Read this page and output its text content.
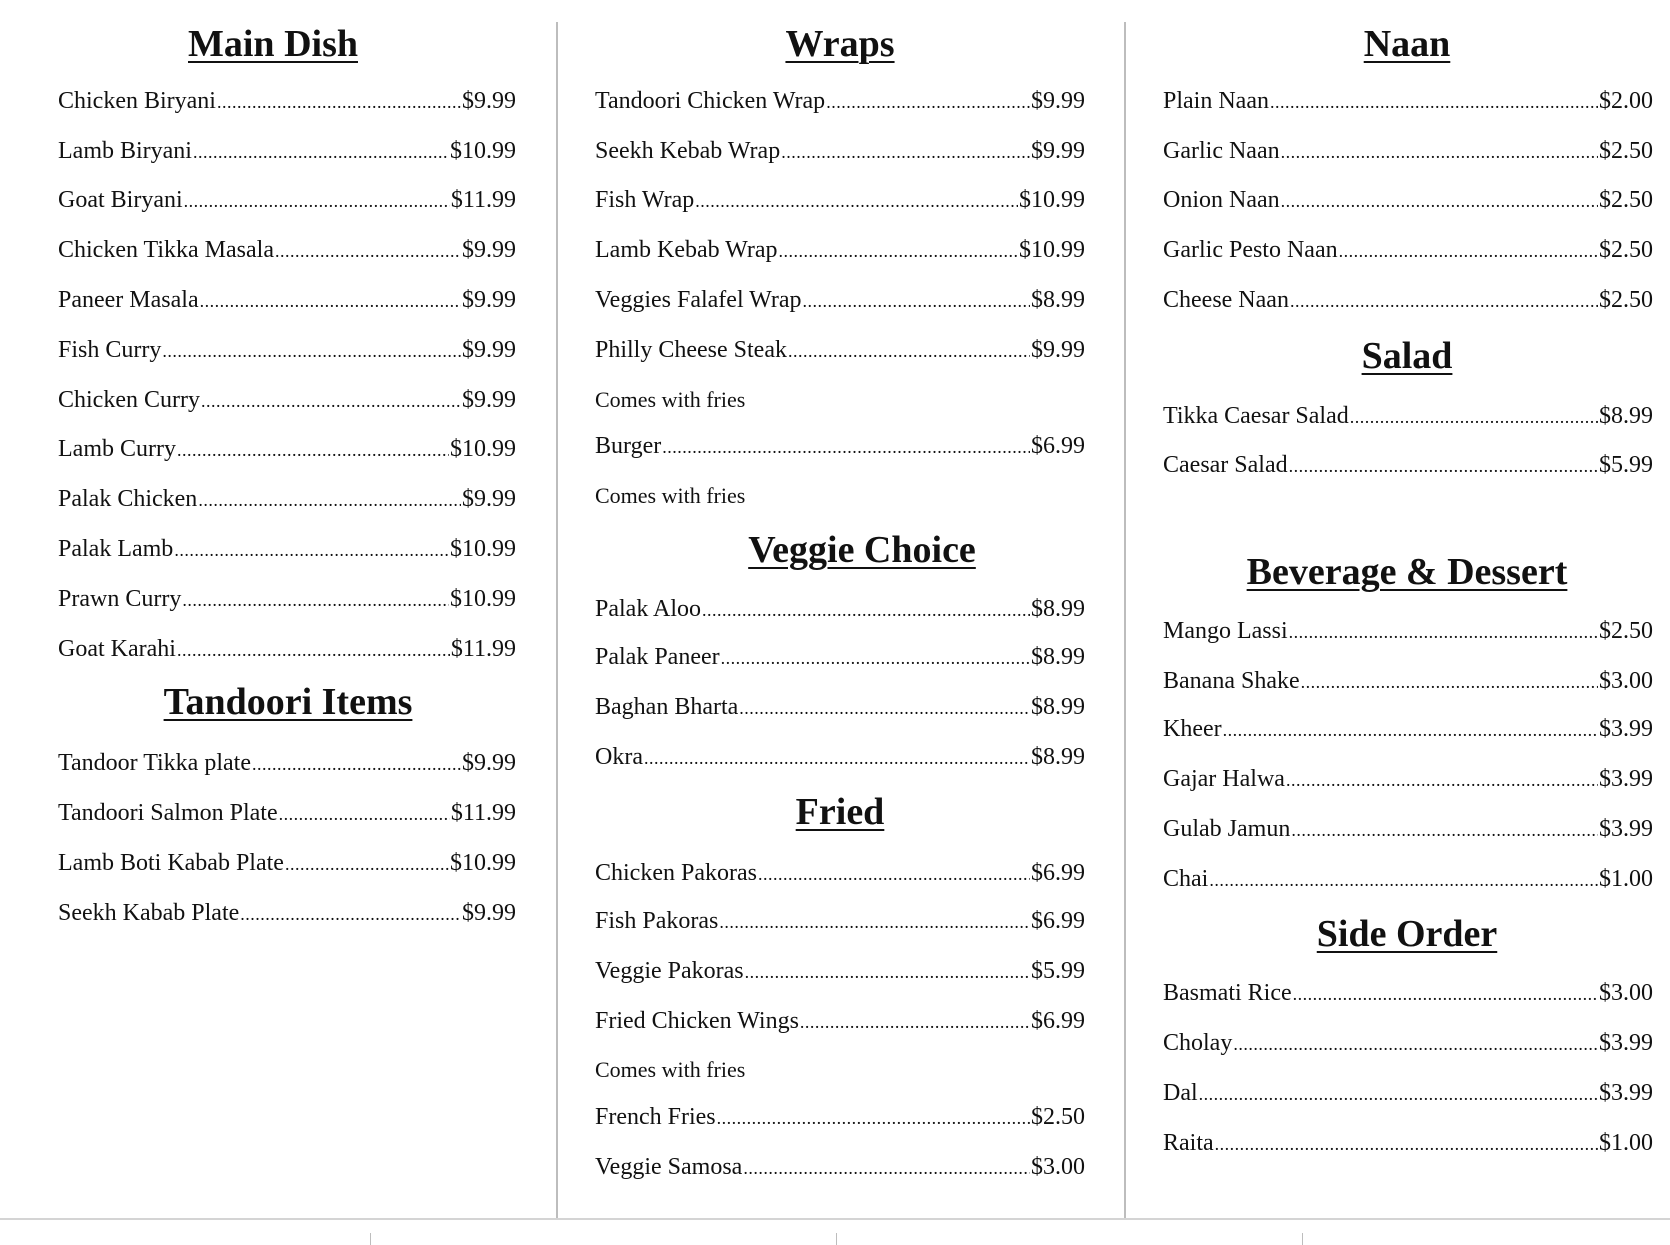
Main Dish
Chicken Biryani .....	$9.99
Lamb Biryani .....	$10.99
Goat Biryani .....	$11.99
Chicken Tikka Masala .....	$9.99
Paneer Masala .....	$9.99
Fish Curry .....	$9.99
Chicken Curry .....	$9.99
Lamb Curry .....	$10.99
Palak Chicken .....	$9.99
Palak Lamb .....	$10.99
Prawn Curry .....	$10.99
Goat Karahi .....	$11.99
Tandoori Items
Tandoor Tikka plate .....	$9.99
Tandoori Salmon Plate .....	$11.99
Lamb Boti Kabab Plate .....	$10.99
Seekh Kabab Plate .....	$9.99
Wraps
Tandoori Chicken Wrap .....	$9.99
Seekh Kebab Wrap .....	$9.99
Fish Wrap .....	$10.99
Lamb Kebab Wrap .....	$10.99
Veggies Falafel Wrap .....	$8.99
Philly Cheese Steak .....	$9.99
Comes with fries
Burger .....	$6.99
Comes with fries
Veggie Choice
Palak Aloo .....	$8.99
Palak Paneer .....	$8.99
Baghan Bharta .....	$8.99
Okra .....	$8.99
Fried
Chicken Pakoras .....	$6.99
Fish Pakoras .....	$6.99
Veggie Pakoras .....	$5.99
Fried Chicken Wings .....	$6.99
Comes with fries
French Fries .....	$2.50
Veggie Samosa .....	$3.00
Naan
Plain Naan .....	$2.00
Garlic Naan .....	$2.50
Onion Naan .....	$2.50
Garlic Pesto Naan .....	$2.50
Cheese Naan .....	$2.50
Salad
Tikka Caesar Salad .....	$8.99
Caesar Salad .....	$5.99
Beverage & Dessert
Mango Lassi .....	$2.50
Banana Shake .....	$3.00
Kheer .....	$3.99
Gajar Halwa .....	$3.99
Gulab Jamun .....	$3.99
Chai .....	$1.00
Side Order
Basmati Rice .....	$3.00
Cholay .....	$3.99
Dal .....	$3.99
Raita .....	$1.00
